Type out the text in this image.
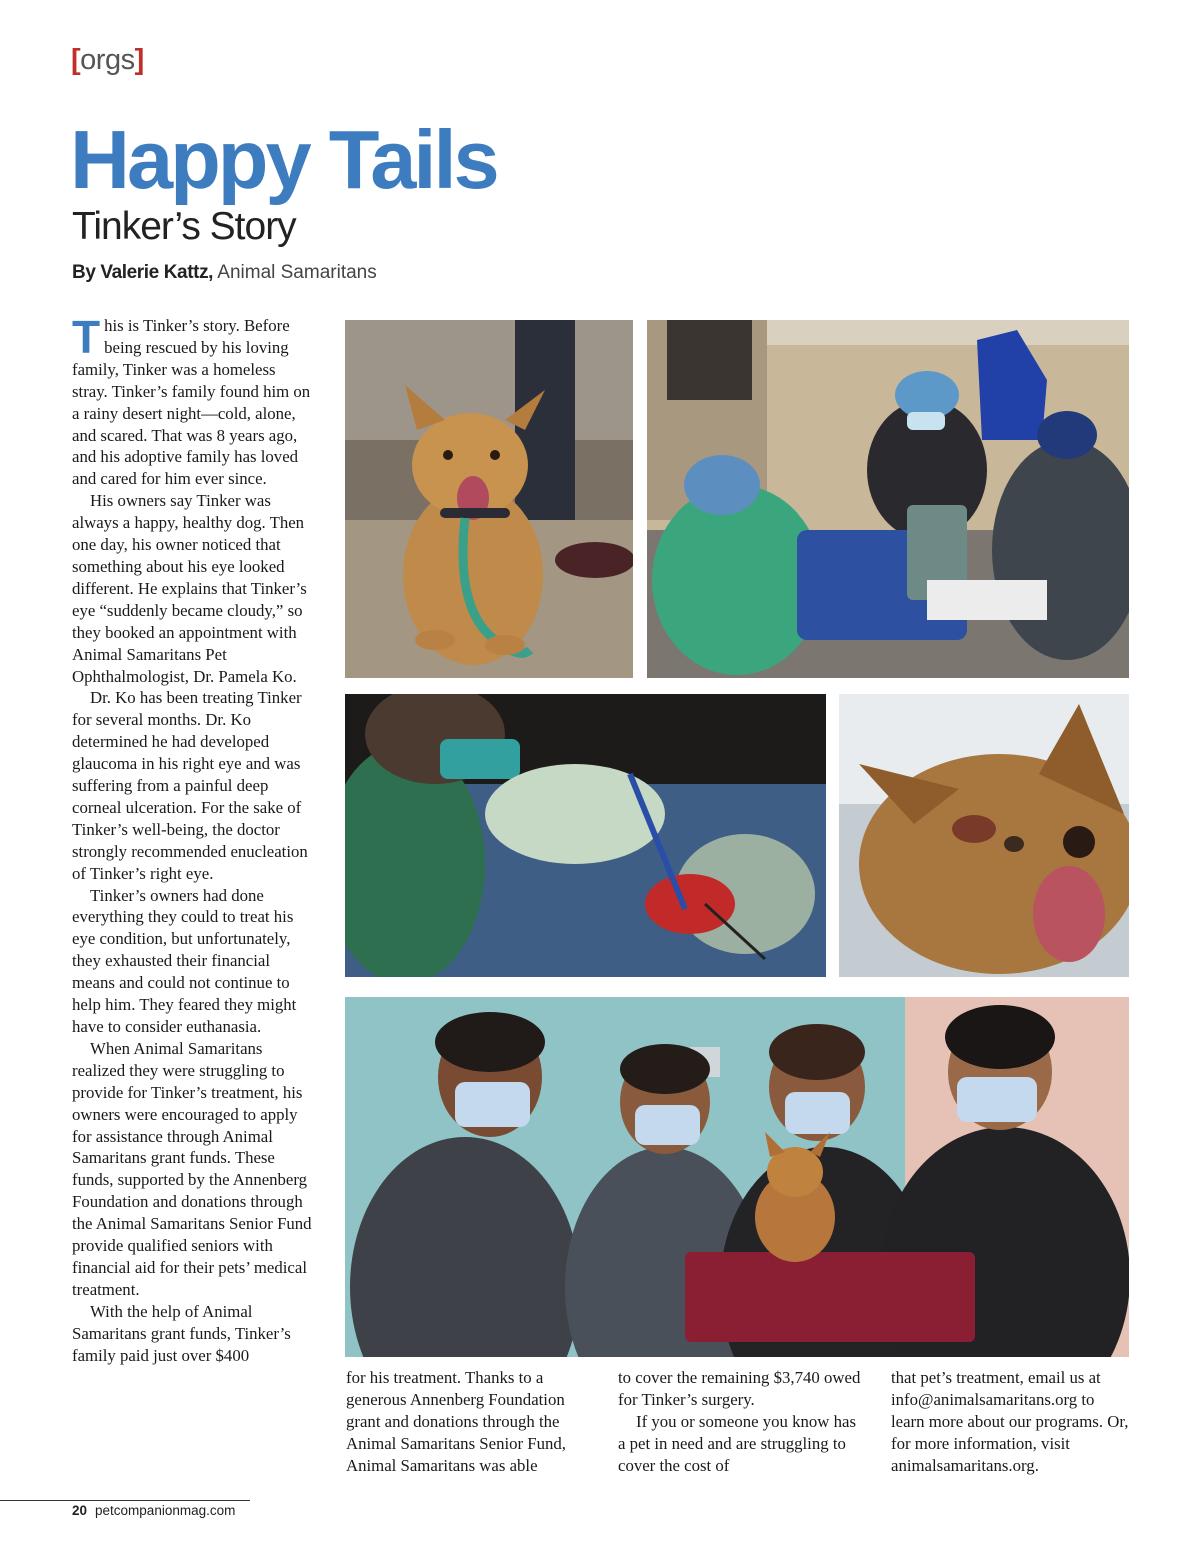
[orgs]
Happy Tails
Tinker’s Story
By Valerie Kattz, Animal Samaritans

This is Tinker’s story. Before being rescued by his loving family, Tinker was a homeless stray. Tinker’s family found him on a rainy desert night—cold, alone, and scared. That was 8 years ago, and his adoptive family has loved and cared for him ever since.

His owners say Tinker was always a happy, healthy dog. Then one day, his owner noticed that something about his eye looked different. He explains that Tinker’s eye “suddenly became cloudy,” so they booked an appointment with Animal Samaritans Pet Ophthalmologist, Dr. Pamela Ko.

Dr. Ko has been treating Tinker for several months. Dr. Ko determined he had developed glaucoma in his right eye and was suffering from a painful deep corneal ulceration. For the sake of Tinker’s well-being, the doctor strongly recommended enucleation of Tinker’s right eye.

Tinker’s owners had done everything they could to treat his eye condition, but unfortunately, they exhausted their financial means and could not continue to help him. They feared they might have to consider euthanasia.

When Animal Samaritans realized they were struggling to provide for Tinker’s treatment, his owners were encouraged to apply for assistance through Animal Samaritans grant funds. These funds, supported by the Annenberg Foundation and donations through the Animal Samaritans Senior Fund provide qualified seniors with financial aid for their pets’ medical treatment.

With the help of Animal Samaritans grant funds, Tinker’s family paid just over $400

for his treatment. Thanks to a generous Annenberg Foundation grant and donations through the Animal Samaritans Senior Fund, Animal Samaritans was able

to cover the remaining $3,740 owed for Tinker’s surgery.

If you or someone you know has a pet in need and are struggling to cover the cost of

that pet’s treatment, email us at info@animalsamaritans.org to learn more about our programs. Or, for more information, visit animalsamaritans.org.

20 petcompanionmag.com
